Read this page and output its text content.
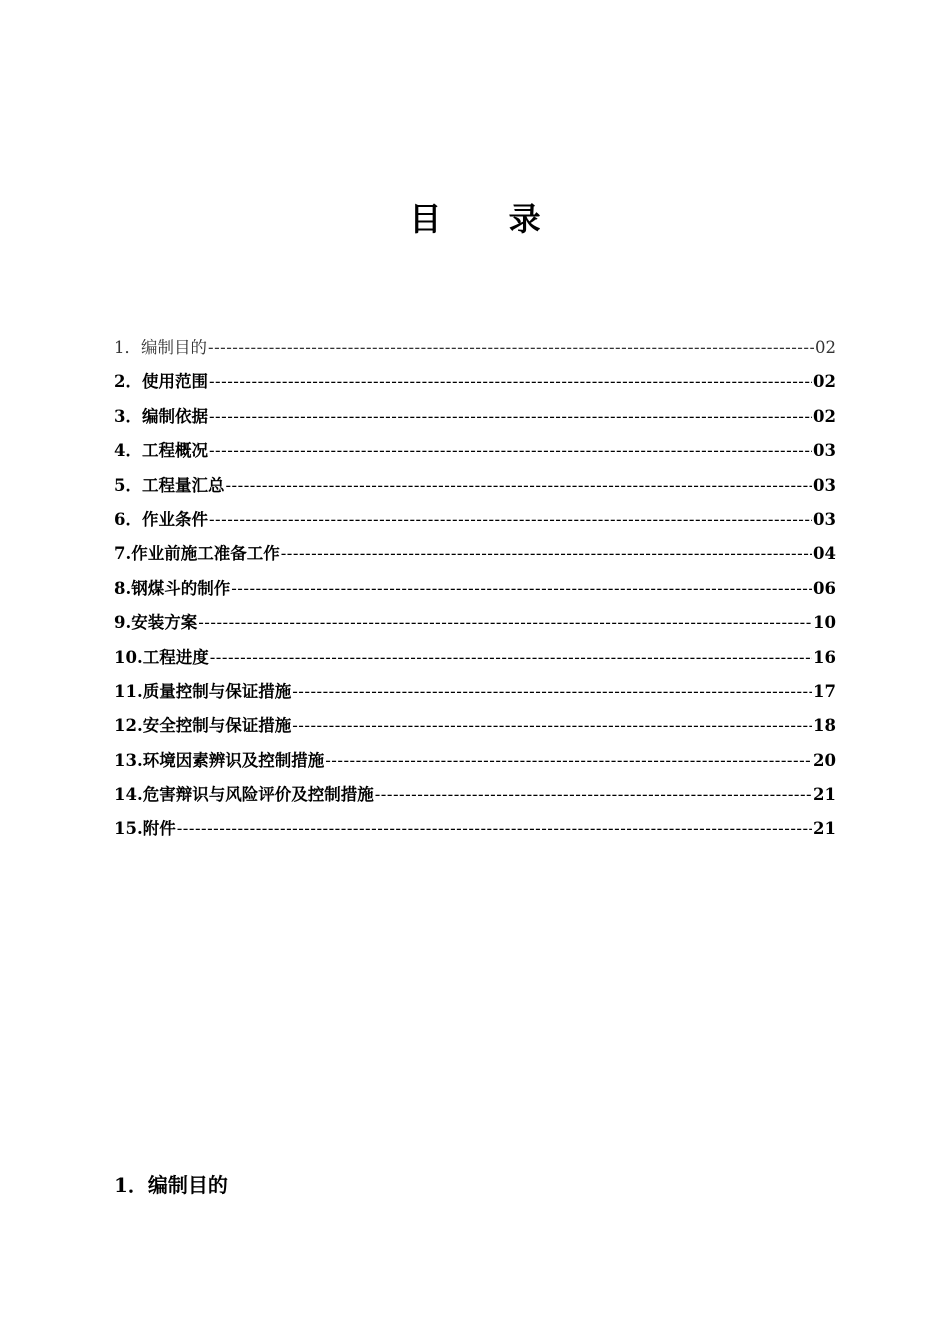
目 录
1． 编制目的 -----	02
2． 使用范围 -----	02
3． 编制依据 -----	02
4． 工程概况 -----	03
5． 工程量汇总 -----	03
6． 作业条件 -----	03
7. 作业前施工准备工作 -----	04
8. 钢煤斗的制作 -----	06
9. 安装方案 -----	10
10. 工程进度 -----	16
11. 质量控制与保证措施 -----	17
12. 安全控制与保证措施 -----	18
13. 环境因素辨识及控制措施 -----	20
14. 危害辩识与风险评价及控制措施 -----	21
15. 附件 -----	21
1．编制目的
